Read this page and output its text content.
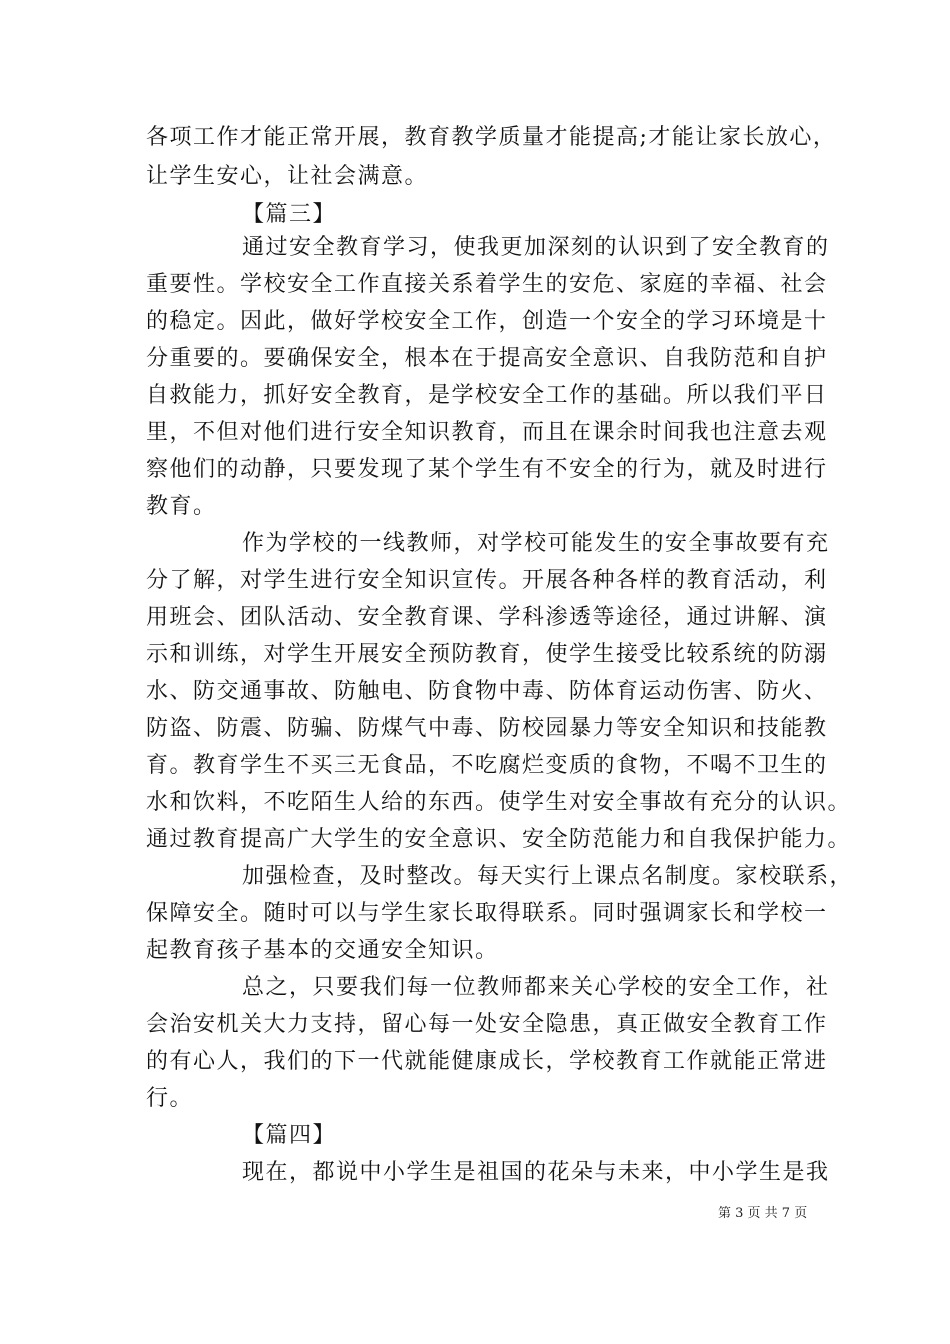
各项工作才能正常开展，教育教学质量才能提高;才能让家长放心，
让学生安心，让社会满意。
【篇三】
通过安全教育学习，使我更加深刻的认识到了安全教育的
重要性。学校安全工作直接关系着学生的安危、家庭的幸福、社会
的稳定。因此，做好学校安全工作，创造一个安全的学习环境是十
分重要的。要确保安全，根本在于提高安全意识、自我防范和自护
自救能力，抓好安全教育，是学校安全工作的基础。所以我们平日
里，不但对他们进行安全知识教育，而且在课余时间我也注意去观
察他们的动静，只要发现了某个学生有不安全的行为，就及时进行
教育。
作为学校的一线教师，对学校可能发生的安全事故要有充
分了解，对学生进行安全知识宣传。开展各种各样的教育活动，利
用班会、团队活动、安全教育课、学科渗透等途径，通过讲解、演
示和训练，对学生开展安全预防教育，使学生接受比较系统的防溺
水、防交通事故、防触电、防食物中毒、防体育运动伤害、防火、
防盗、防震、防骗、防煤气中毒、防校园暴力等安全知识和技能教
育。教育学生不买三无食品，不吃腐烂变质的食物，不喝不卫生的
水和饮料，不吃陌生人给的东西。使学生对安全事故有充分的认识。
通过教育提高广大学生的安全意识、安全防范能力和自我保护能力。
加强检查，及时整改。每天实行上课点名制度。家校联系，
保障安全。随时可以与学生家长取得联系。同时强调家长和学校一
起教育孩子基本的交通安全知识。
总之，只要我们每一位教师都来关心学校的安全工作，社
会治安机关大力支持，留心每一处安全隐患，真正做安全教育工作
的有心人，我们的下一代就能健康成长，学校教育工作就能正常进
行。
【篇四】
现在，都说中小学生是祖国的花朵与未来，中小学生是我
第 3 页 共 7 页
